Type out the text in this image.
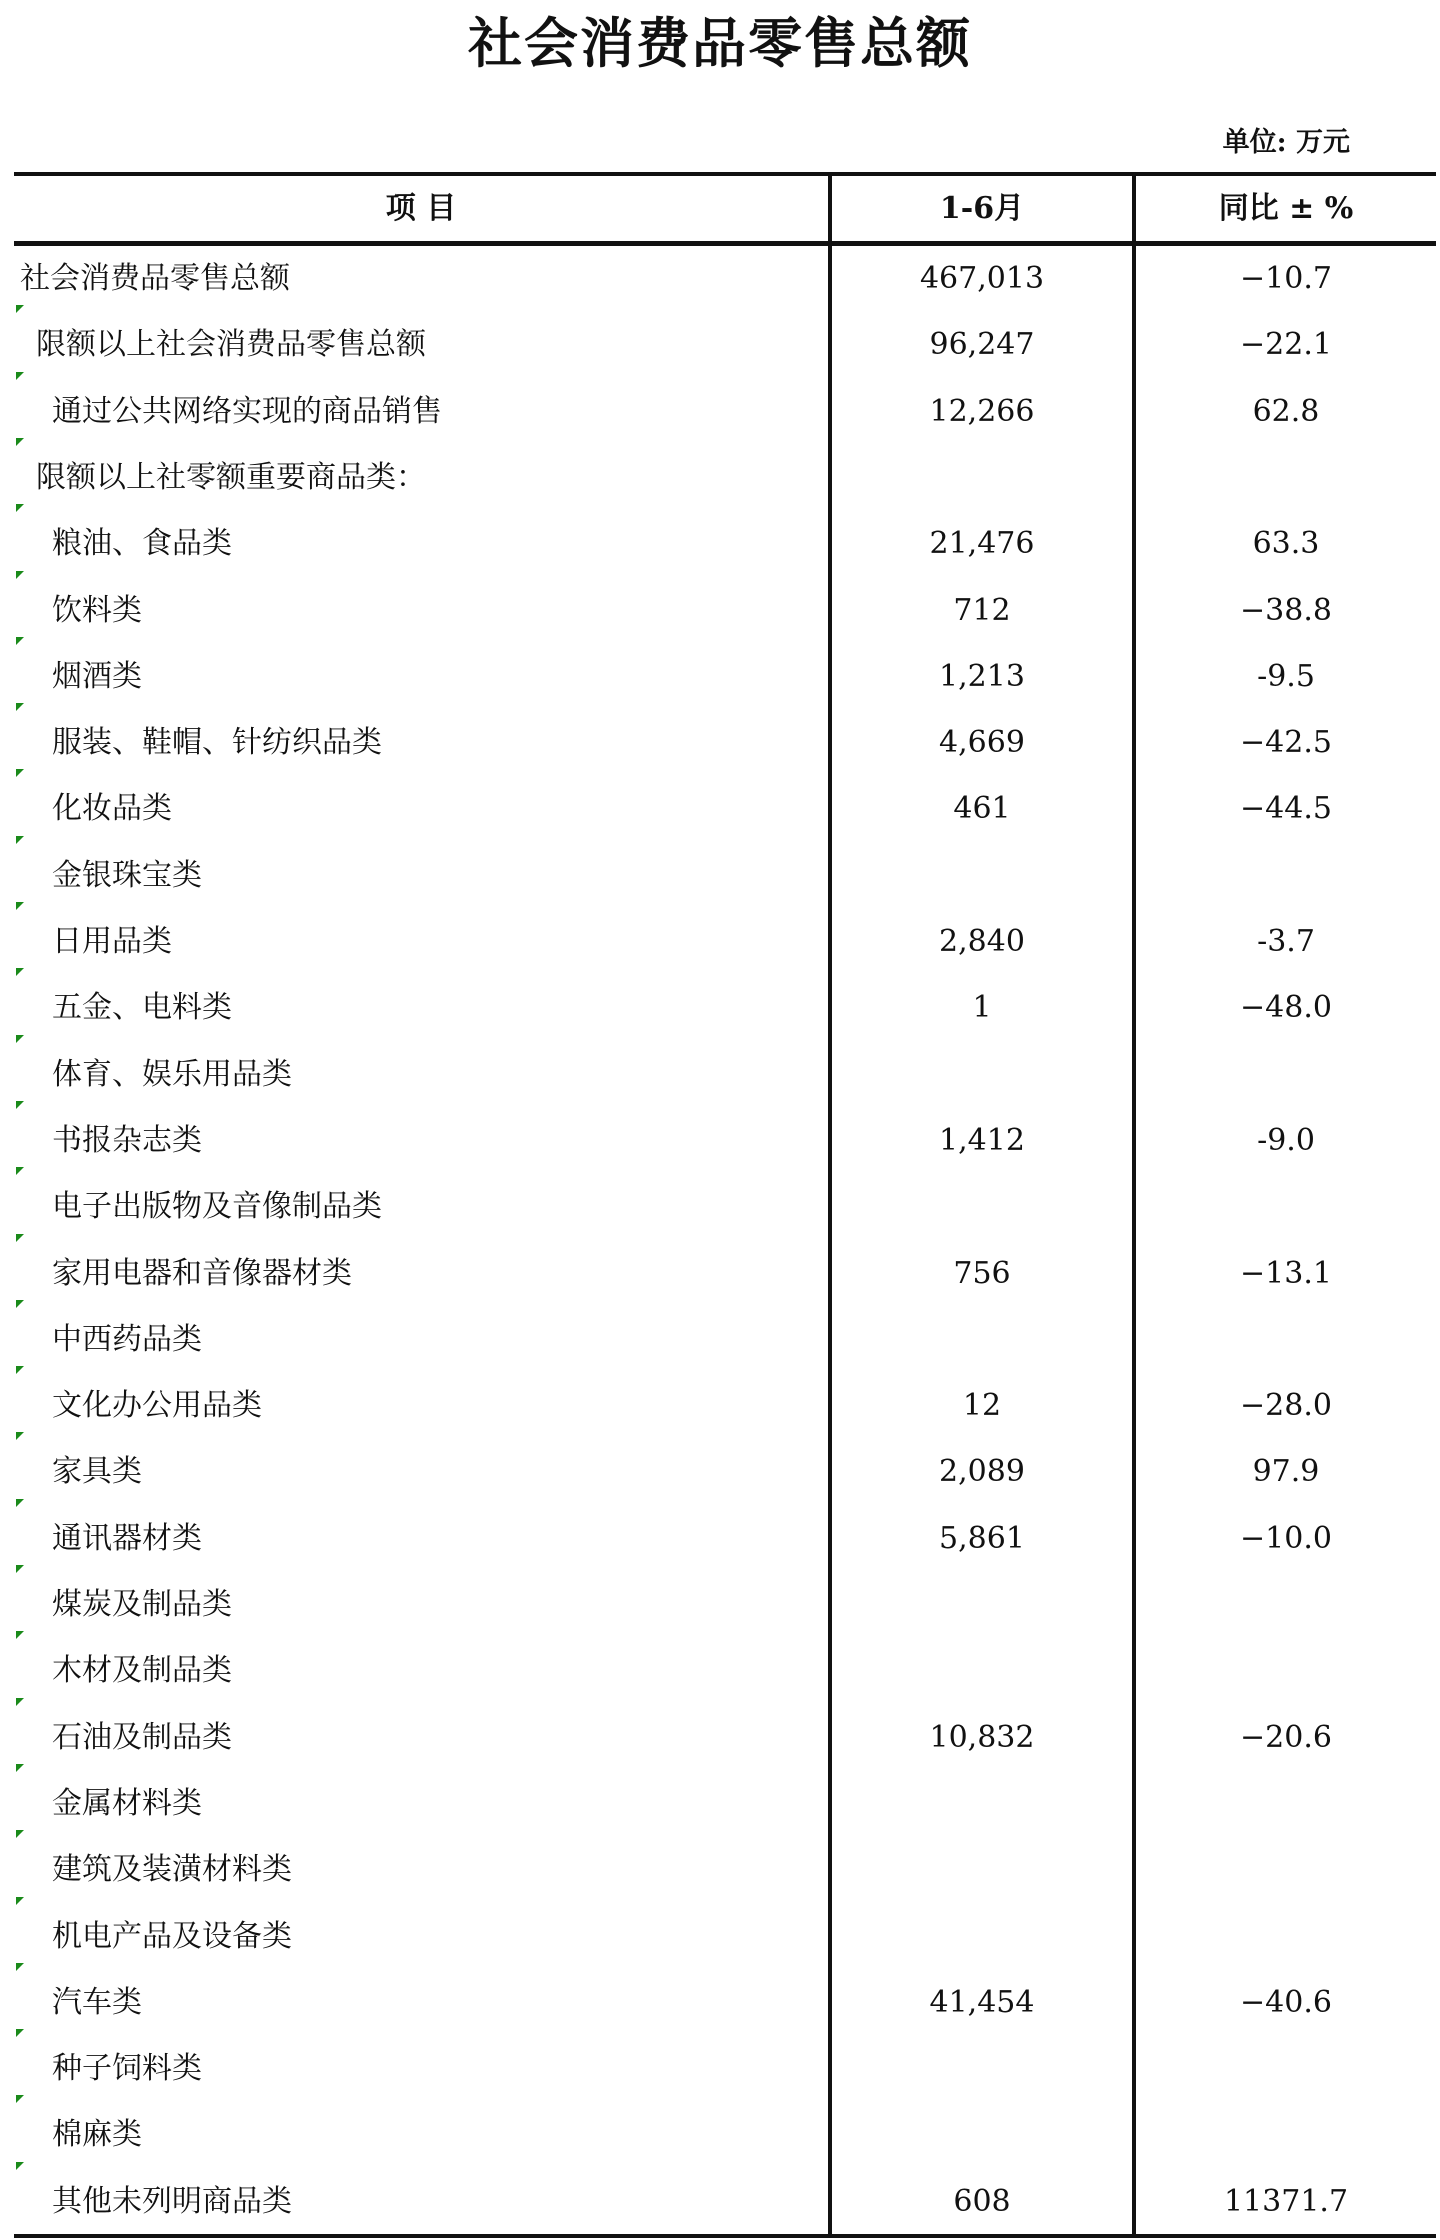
社会消费品零售总额
单位: 万元
项 目	1-6月	同比 ± %
社会消费品零售总额	467,013	−10.7
限额以上社会消费品零售总额	96,247	−22.1
通过公共网络实现的商品销售	12,266	62.8
限额以上社零额重要商品类：
粮油、食品类	21,476	63.3
饮料类	712	−38.8
烟酒类	1,213	-9.5
服装、鞋帽、针纺织品类	4,669	−42.5
化妆品类	461	−44.5
金银珠宝类
日用品类	2,840	-3.7
五金、电料类	1	−48.0
体育、娱乐用品类
书报杂志类	1,412	-9.0
电子出版物及音像制品类
家用电器和音像器材类	756	−13.1
中西药品类
文化办公用品类	12	−28.0
家具类	2,089	97.9
通讯器材类	5,861	−10.0
煤炭及制品类
木材及制品类
石油及制品类	10,832	−20.6
金属材料类
建筑及装潢材料类
机电产品及设备类
汽车类	41,454	−40.6
种子饲料类
棉麻类
其他未列明商品类	608	11371.7
